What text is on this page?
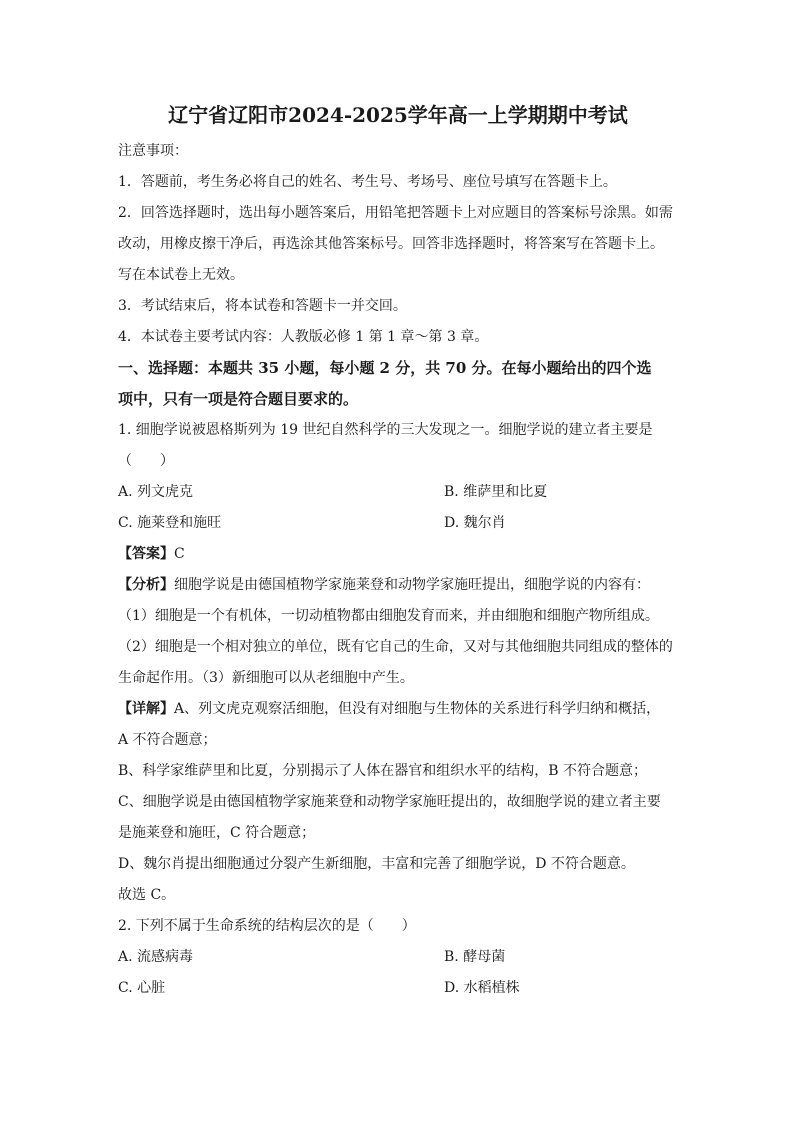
辽宁省辽阳市2024-2025学年高一上学期期中考试
注意事项：
1．答题前，考生务必将自己的姓名、考生号、考场号、座位号填写在答题卡上。
2．回答选择题时，选出每小题答案后，用铅笔把答题卡上对应题目的答案标号涂黑。如需
改动，用橡皮擦干净后，再选涂其他答案标号。回答非选择题时，将答案写在答题卡上。
写在本试卷上无效。
3．考试结束后，将本试卷和答题卡一并交回。
4．本试卷主要考试内容：人教版必修 1 第 1 章～第 3 章。
一、选择题：本题共 35 小题，每小题 2 分，共 70 分。在每小题给出的四个选
项中，只有一项是符合题目要求的。
1. 细胞学说被恩格斯列为 19 世纪自然科学的三大发现之一。细胞学说的建立者主要是
（　　）
A. 列文虎克	B. 维萨里和比夏
C. 施莱登和施旺	D. 魏尔肖
【答案】C
【分析】细胞学说是由德国植物学家施莱登和动物学家施旺提出，细胞学说的内容有：
（1）细胞是一个有机体，一切动植物都由细胞发育而来，并由细胞和细胞产物所组成。
（2）细胞是一个相对独立的单位，既有它自己的生命，又对与其他细胞共同组成的整体的
生命起作用。（3）新细胞可以从老细胞中产生。
【详解】A、列文虎克观察活细胞，但没有对细胞与生物体的关系进行科学归纳和概括，
A 不符合题意；
B、科学家维萨里和比夏，分别揭示了人体在器官和组织水平的结构，B 不符合题意；
C、细胞学说是由德国植物学家施莱登和动物学家施旺提出的，故细胞学说的建立者主要
是施莱登和施旺，C 符合题意；
D、魏尔肖提出细胞通过分裂产生新细胞，丰富和完善了细胞学说，D 不符合题意。
故选 C。
2. 下列不属于生命系统的结构层次的是（　　）
A. 流感病毒	B. 酵母菌
C. 心脏	D. 水稻植株
